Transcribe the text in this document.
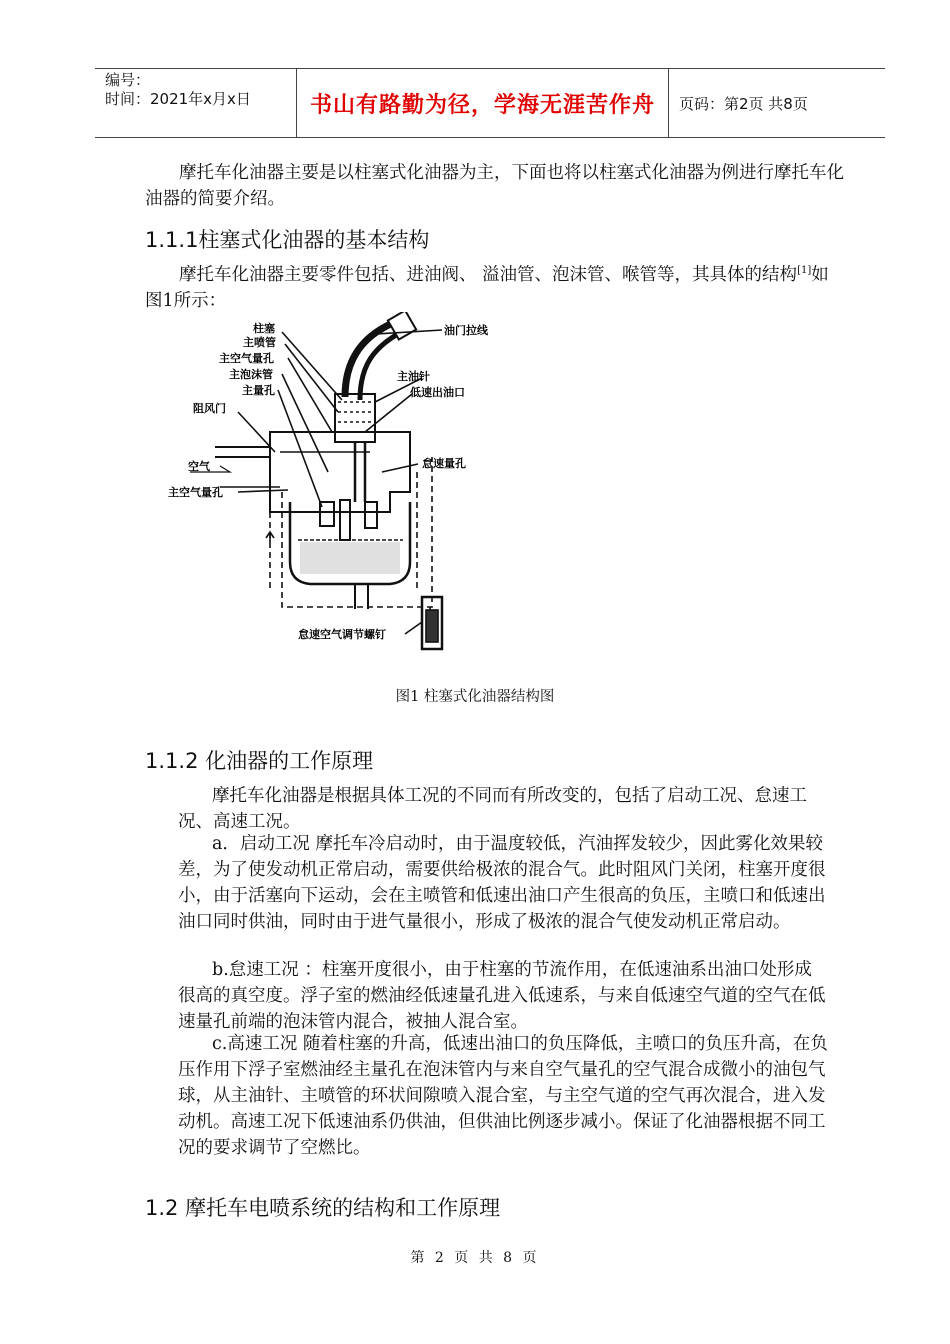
编号：
时间：2021年x月x日	书山有路勤为径，学海无涯苦作舟	页码：第2页 共8页

摩托车化油器主要是以柱塞式化油器为主，下面也将以柱塞式化油器为例进行摩托车化油器的简要介绍。

1.1.1柱塞式化油器的基本结构

摩托车化油器主要零件包括、进油阀、 溢油管、泡沫管、喉管等，其具体的结构[1]如图1所示：

柱塞
主喷管
主空气量孔
主泡沫管
主量孔
阻风门
空气
主空气量孔
油门拉线
主油针
低速出油口
怠速量孔
怠速空气调节螺钉
图1 柱塞式化油器结构图
1.1.2 化油器的工作原理

摩托车化油器是根据具体工况的不同而有所改变的，包括了启动工况、怠速工况、高速工况。

a．启动工况 摩托车冷启动时，由于温度较低，汽油挥发较少，因此雾化效果较差，为了使发动机正常启动，需要供给极浓的混合气。此时阻风门关闭，柱塞开度很小，由于活塞向下运动，会在主喷管和低速出油口产生很高的负压，主喷口和低速出油口同时供油，同时由于进气量很小，形成了极浓的混合气使发动机正常启动。

b.怠速工况 ：柱塞开度很小，由于柱塞的节流作用，在低速油系出油口处形成很高的真空度。浮子室的燃油经低速量孔进入低速系，与来自低速空气道的空气在低速量孔前端的泡沫管内混合，被抽人混合室。

c.高速工况 随着柱塞的升高，低速出油口的负压降低，主喷口的负压升高，在负压作用下浮子室燃油经主量孔在泡沫管内与来自空气量孔的空气混合成微小的油包气球，从主油针、主喷管的环状间隙喷入混合室，与主空气道的空气再次混合，进入发动机。高速工况下低速油系仍供油，但供油比例逐步减小。保证了化油器根据不同工况的要求调节了空燃比。

1.2 摩托车电喷系统的结构和工作原理
第 2 页 共 8 页
